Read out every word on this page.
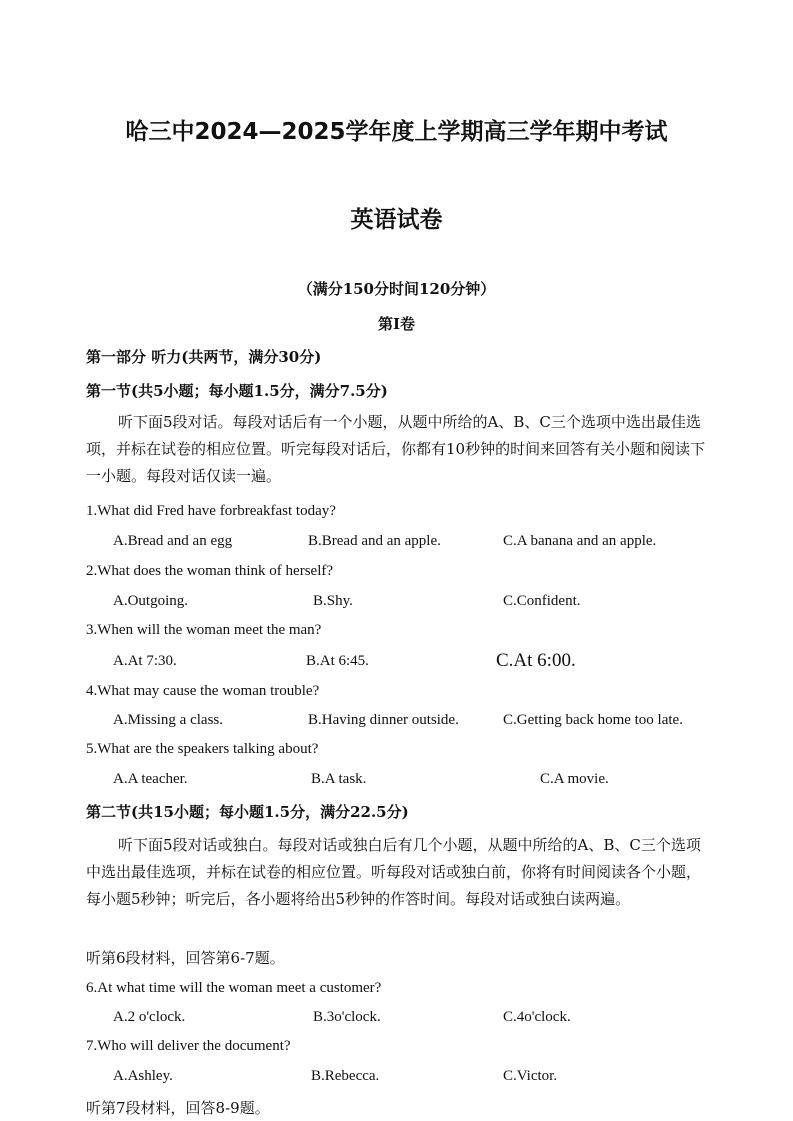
哈三中2024—2025学年度上学期高三学年期中考试
英语试卷
（满分150分时间120分钟）
第Ⅰ卷
第一部分 听力(共两节，满分30分)
第一节(共5小题；每小题1.5分，满分7.5分)
听下面5段对话。每段对话后有一个小题，从题中所给的A、B、C三个选项中选出最佳选项，并标在试卷的相应位置。听完每段对话后，你都有10秒钟的时间来回答有关小题和阅读下一小题。每段对话仅读一遍。
1.What did Fred have forbreakfast today?
A.Bread and an egg	B.Bread and an apple.	C.A banana and an apple.
2.What does the woman think of herself?
A.Outgoing.	B.Shy.	C.Confident.
3.When will the woman meet the man?
A.At 7:30.	B.At 6:45.	C.At 6:00.
4.What may cause the woman trouble?
A.Missing a class.	B.Having dinner outside.	C.Getting back home too late.
5.What are the speakers talking about?
A.A teacher.	B.A task.	C.A movie.
第二节(共15小题；每小题1.5分，满分22.5分)
听下面5段对话或独白。每段对话或独白后有几个小题，从题中所给的A、B、C三个选项中选出最佳选项，并标在试卷的相应位置。听每段对话或独白前，你将有时间阅读各个小题，每小题5秒钟；听完后，各小题将给出5秒钟的作答时间。每段对话或独白读两遍。
听第6段材料，回答第6-7题。
6.At what time will the woman meet a customer?
A.2 o'clock.	B.3o'clock.	C.4o'clock.
7.Who will deliver the document?
A.Ashley.	B.Rebecca.	C.Victor.
听第7段材料，回答8-9题。
